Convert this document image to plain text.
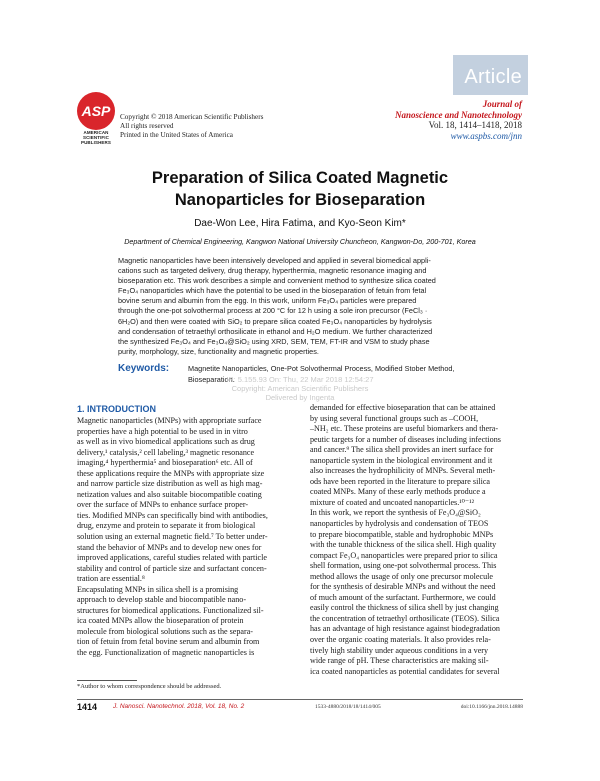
Article
ASP
AMERICAN
SCIENTIFIC
PUBLISHERS
Copyright © 2018 American Scientific Publishers
All rights reserved
Printed in the United States of America
Journal of
Nanoscience and Nanotechnology
Vol. 18, 1414–1418, 2018
www.aspbs.com/jnn
Preparation of Silica Coated Magnetic
Nanoparticles for Bioseparation
Dae-Won Lee, Hira Fatima, and Kyo-Seon Kim*
Department of Chemical Engineering, Kangwon National University Chuncheon, Kangwon-Do, 200-701, Korea
Magnetic nanoparticles have been intensively developed and applied in several biomedical appli-
cations such as targeted delivery, drug therapy, hyperthermia, magnetic resonance imaging and
bioseparation etc. This work describes a simple and convenient method to synthesize silica coated
Fe₃O₄ nanoparticles which have the potential to be used in the bioseparation of fetuin from fetal
bovine serum and albumin from the egg. In this work, uniform Fe₃O₄ particles were prepared
through the one-pot solvothermal process at 200 °C for 12 h using a sole iron precursor (FeCl₃ ·
6H₂O) and then were coated with SiO₂ to prepare silica coated Fe₃O₄ nanoparticles by hydrolysis
and condensation of tetraethyl orthosilicate in ethanol and H₂O medium. We further characterized
the synthesized Fe₃O₄ and Fe₃O₄@SiO₂ using XRD, SEM, TEM, FT-IR and VSM to study phase
purity, morphology, size, functionality and magnetic properties.
Keywords:	Magnetite Nanoparticles, One-Pot Solvothermal Process, Modified Stober Method,
Bioseparation.
IP: 5.155.93 On: Thu, 22 Mar 2018 12:54:27
Copyright: American Scientific Publishers
Delivered by Ingenta
1. INTRODUCTION
Magnetic nanoparticles (MNPs) with appropriate surface
properties have a high potential to be used in in vitro
as well as in vivo biomedical applications such as drug
delivery,¹ catalysis,² cell labeling,³ magnetic resonance
imaging,⁴ hyperthermia⁵ and bioseparation⁶ etc. All of
these applications require the MNPs with appropriate size
and narrow particle size distribution as well as high mag-
netization values and also suitable biocompatible coating
over the surface of MNPs to enhance surface proper-
ties. Modified MNPs can specifically bind with antibodies,
drug, enzyme and protein to separate it from biological
solution using an external magnetic field.⁷ To better under-
stand the behavior of MNPs and to develop new ones for
improved applications, careful studies related with particle
stability and control of particle size and surfactant concen-
tration are essential.⁸
Encapsulating MNPs in silica shell is a promising
approach to develop stable and biocompatible nano-
structures for biomedical applications. Functionalized sil-
ica coated MNPs allow the bioseparation of protein
molecule from biological solutions such as the separa-
tion of fetuin from fetal bovine serum and albumin from
the egg. Functionalization of magnetic nanoparticles is
demanded for effective bioseparation that can be attained
by using several functional groups such as –COOH,
–NH₂ etc. These proteins are useful biomarkers and thera-
peutic targets for a number of diseases including infections
and cancer.⁹ The silica shell provides an inert surface for
nanoparticle system in the biological environment and it
also increases the hydrophilicity of MNPs. Several meth-
ods have been reported in the literature to prepare silica
coated MNPs. Many of these early methods produce a
mixture of coated and uncoated nanoparticles.¹⁰⁻¹²
In this work, we report the synthesis of Fe₃O₄@SiO₂
nanoparticles by hydrolysis and condensation of TEOS
to prepare biocompatible, stable and hydrophobic MNPs
with the tunable thickness of the silica shell. High quality
compact Fe₃O₄ nanoparticles were prepared prior to silica
shell formation, using one-pot solvothermal process. This
method allows the usage of only one precursor molecule
for the synthesis of desirable MNPs and without the need
of much amount of the surfactant. Furthermore, we could
easily control the thickness of silica shell by just changing
the concentration of tetraethyl orthosilicate (TEOS). Silica
has an advantage of high resistance against biodegradation
over the organic coating materials. It also provides rela-
tively high stability under aqueous conditions in a very
wide range of pH. These characteristics are making sil-
ica coated nanoparticles as potential candidates for several
*Author to whom correspondence should be addressed.
1414 J. Nanosci. Nanotechnol. 2018, Vol. 18, No. 2	1533-4880/2018/18/1414/005	doi:10.1166/jnn.2018.14888
